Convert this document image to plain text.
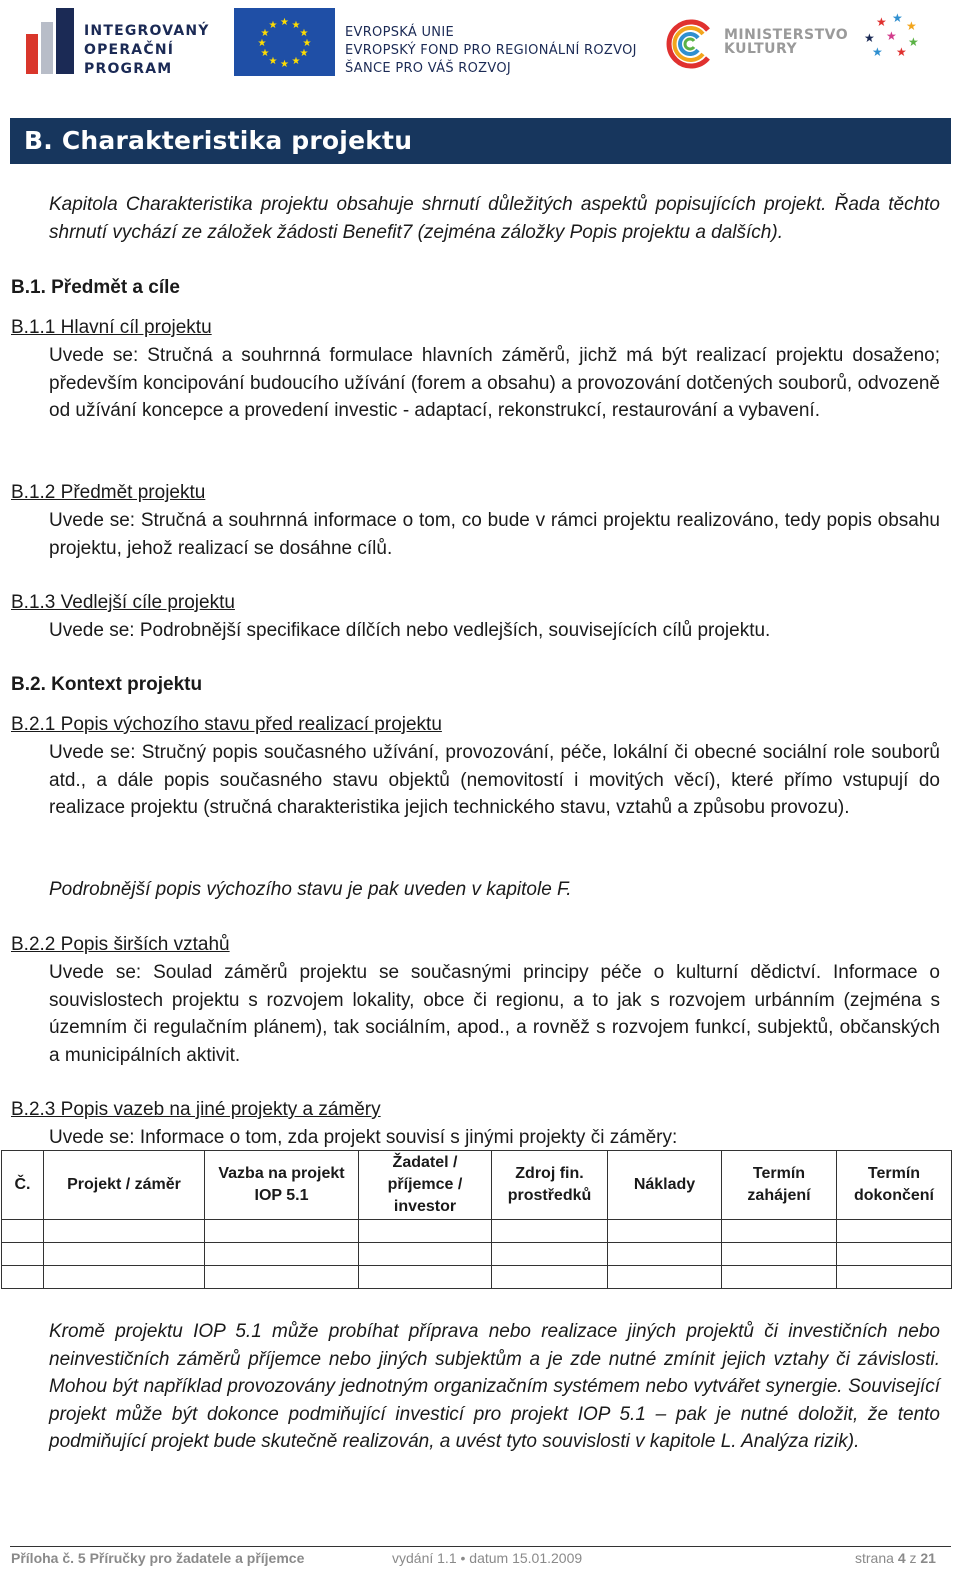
INTEGROVANÝ
OPERAČNÍ
PROGRAM
★ ★
★
★
★
★
★
★
★
★
★
★	EVROPSKÁ UNIE
EVROPSKÝ FOND PRO REGIONÁLNÍ ROZVOJ
ŠANCE PRO VÁŠ ROZVOJ
MINISTERSTVO
KULTURY
★ ★
★
★ ★ ★
★ ★
B. Charakteristika projektu
Kapitola Charakteristika projektu obsahuje shrnutí důležitých aspektů popisujících projekt. Řada těchto shrnutí vychází ze záložek žádosti Benefit7 (zejména záložky Popis projektu a dalších).
B.1. Předmět a cíle
B.1.1 Hlavní cíl projektu
Uvede se: Stručná a souhrnná formulace hlavních záměrů, jichž má být realizací projektu dosaženo; především koncipování budoucího užívání (forem a obsahu) a provozování dotčených souborů, odvozeně od užívání koncepce a provedení investic - adaptací, rekonstrukcí, restaurování a vybavení.
B.1.2 Předmět projektu
Uvede se: Stručná a souhrnná informace o tom, co bude v rámci projektu realizováno, tedy popis obsahu projektu, jehož realizací se dosáhne cílů.
B.1.3 Vedlejší cíle projektu
Uvede se: Podrobnější specifikace dílčích nebo vedlejších, souvisejících cílů projektu.
B.2. Kontext projektu
B.2.1 Popis výchozího stavu před realizací projektu
Uvede se: Stručný popis současného užívání, provozování, péče, lokální či obecné sociální role souborů atd., a dále popis současného stavu objektů (nemovitostí i movitých věcí), které přímo vstupují do realizace projektu (stručná charakteristika jejich technického stavu, vztahů a způsobu provozu).
Podrobnější popis výchozího stavu je pak uveden v kapitole F.
B.2.2 Popis širších vztahů
Uvede se: Soulad záměrů projektu se současnými principy péče o kulturní dědictví. Informace o souvislostech projektu s rozvojem lokality, obce či regionu, a to jak s rozvojem urbánním (zejména s územním či regulačním plánem), tak sociálním, apod., a rovněž s rozvojem funkcí, subjektů, občanských a municipálních aktivit.
B.2.3 Popis vazeb na jiné projekty a záměry
Uvede se: Informace o tom, zda projekt souvisí s jinými projekty či záměry:
Č.	Projekt / záměr	Vazba na projekt IOP 5.1	Žadatel / příjemce / investor	Zdroj fin. prostředků	Náklady	Termín zahájení	Termín dokončení

Kromě projektu IOP 5.1 může probíhat příprava nebo realizace jiných projektů či investičních nebo neinvestičních záměrů příjemce nebo jiných subjektům a je zde nutné zmínit jejich vztahy či závislosti. Mohou být například provozovány jednotným organizačním systémem nebo vytvářet synergie. Související projekt může být dokonce podmiňující investicí pro projekt IOP 5.1 – pak je nutné doložit, že tento podmiňující projekt bude skutečně realizován, a uvést tyto souvislosti v kapitole L. Analýza rizik).
Příloha č. 5 Příručky pro žadatele a příjemce	vydání 1.1 • datum 15.01.2009	strana 4 z 21
